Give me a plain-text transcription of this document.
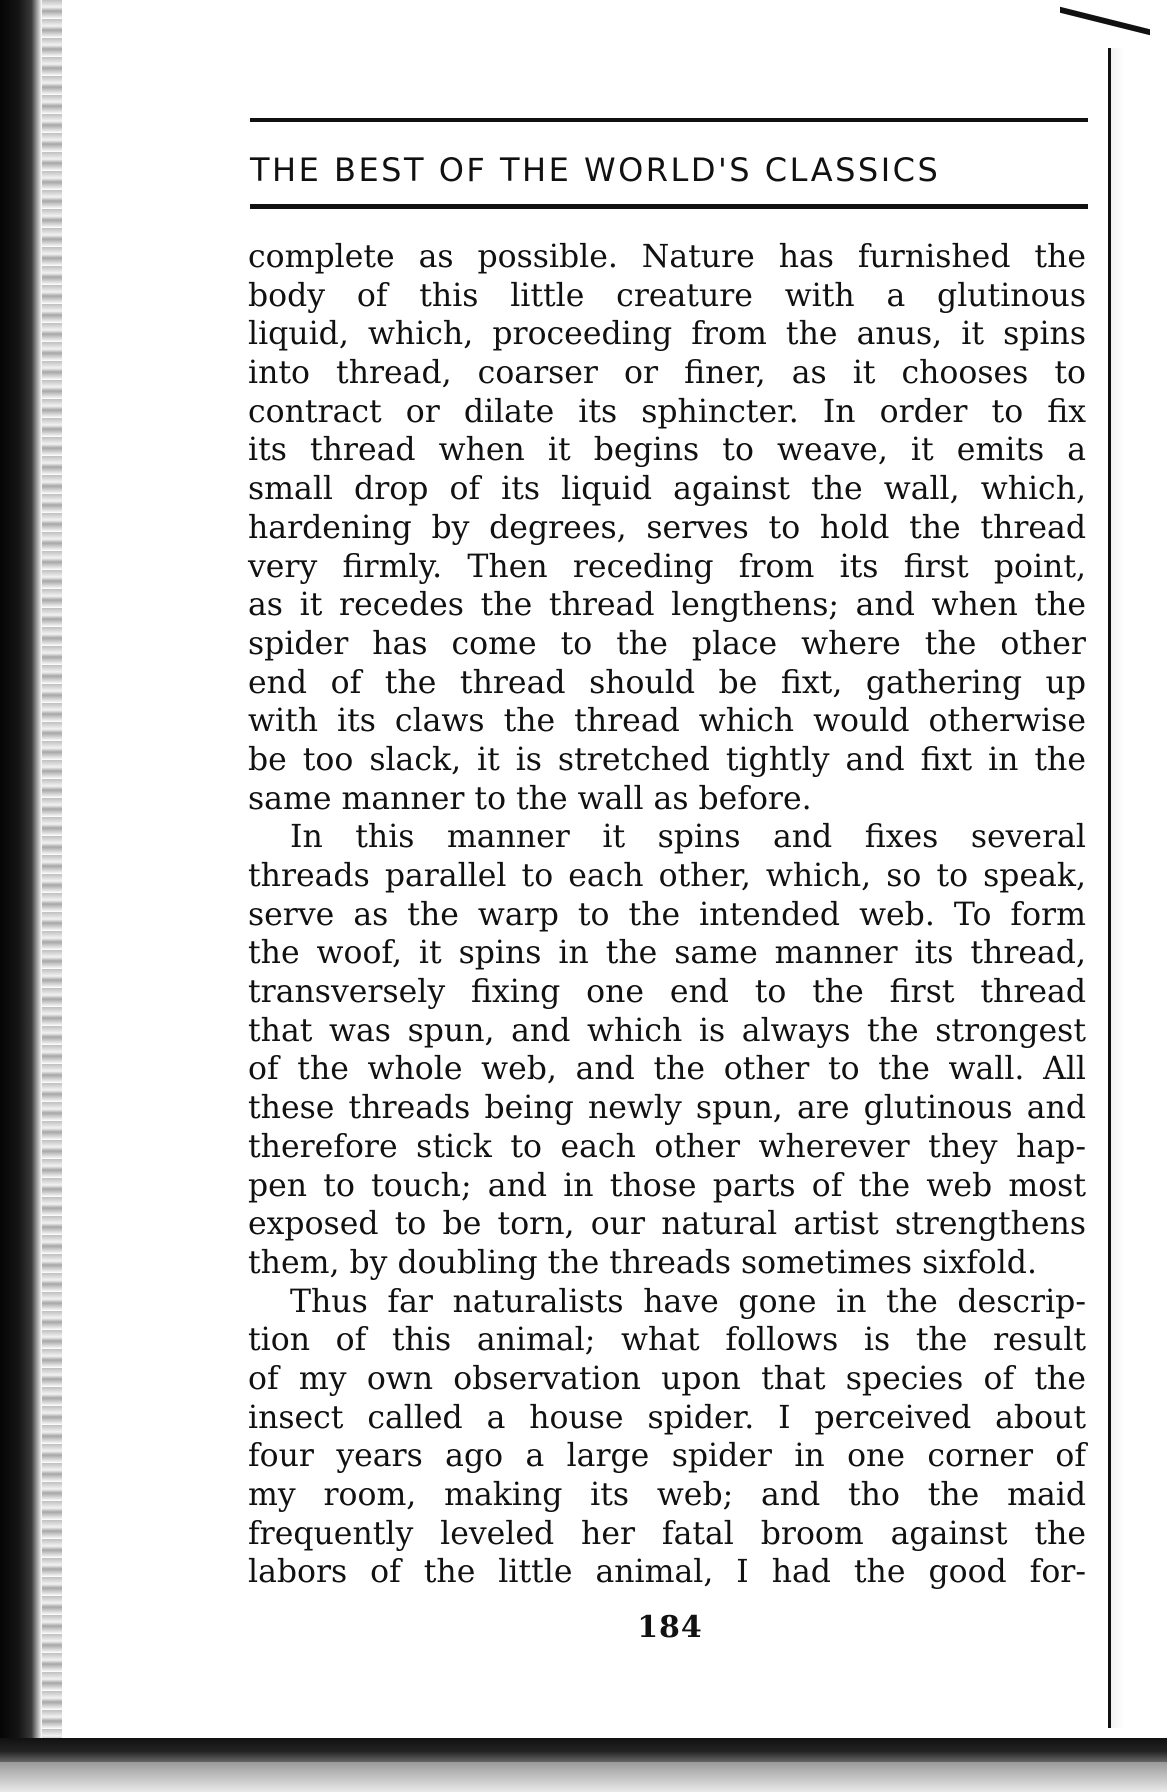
THE BEST OF THE WORLD'S CLASSICS
complete as possible. Nature has furnished the
body of this little creature with a glutinous
liquid, which, proceeding from the anus, it spins
into thread, coarser or finer, as it chooses to
contract or dilate its sphincter. In order to fix
its thread when it begins to weave, it emits a
small drop of its liquid against the wall, which,
hardening by degrees, serves to hold the thread
very firmly. Then receding from its first point,
as it recedes the thread lengthens; and when the
spider has come to the place where the other
end of the thread should be fixt, gathering up
with its claws the thread which would otherwise
be too slack, it is stretched tightly and fixt in the
same manner to the wall as before.
In this manner it spins and fixes several
threads parallel to each other, which, so to speak,
serve as the warp to the intended web. To form
the woof, it spins in the same manner its thread,
transversely fixing one end to the first thread
that was spun, and which is always the strongest
of the whole web, and the other to the wall. All
these threads being newly spun, are glutinous and
therefore stick to each other wherever they hap-
pen to touch; and in those parts of the web most
exposed to be torn, our natural artist strengthens
them, by doubling the threads sometimes sixfold.
Thus far naturalists have gone in the descrip-
tion of this animal; what follows is the result
of my own observation upon that species of the
insect called a house spider. I perceived about
four years ago a large spider in one corner of
my room, making its web; and tho the maid
frequently leveled her fatal broom against the
labors of the little animal, I had the good for-
184
